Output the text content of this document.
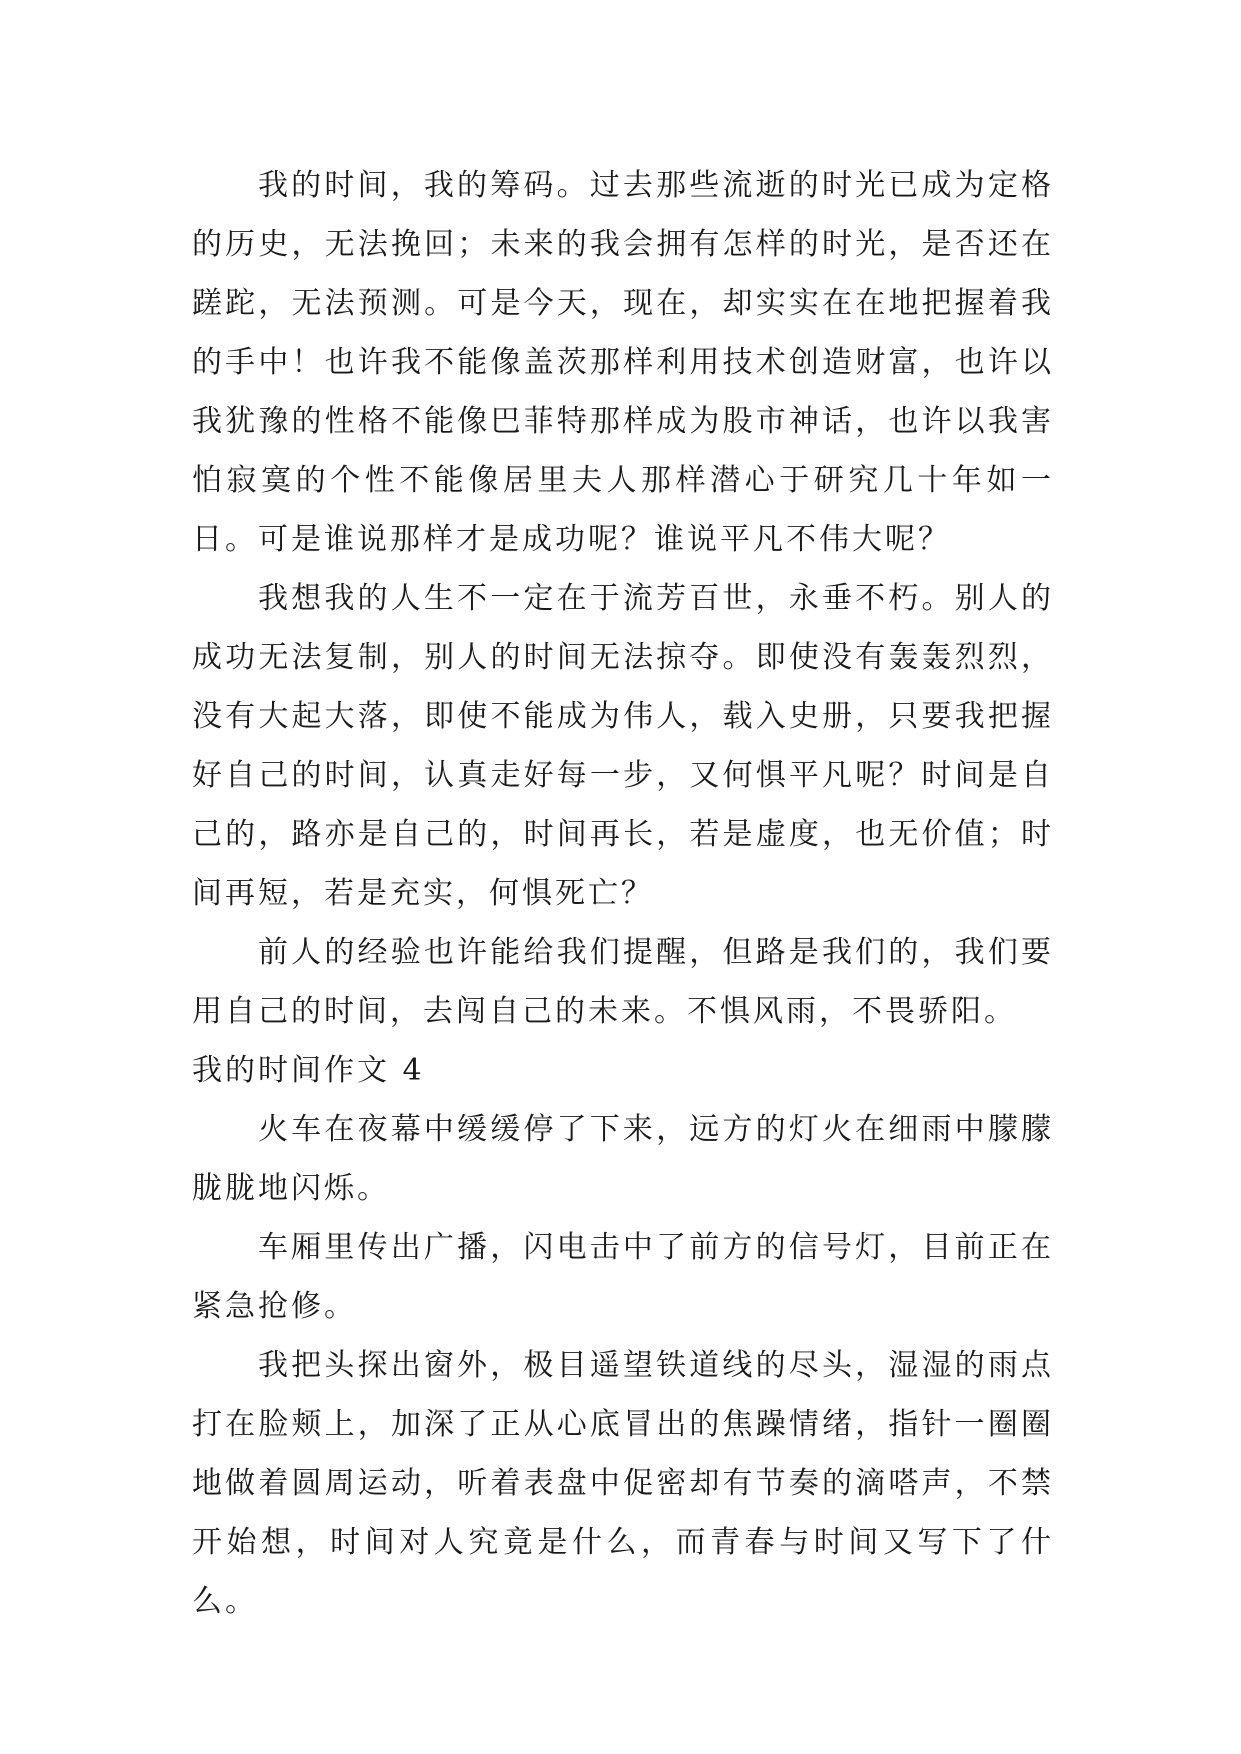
我的时间，我的筹码。过去那些流逝的时光已成为定格的历史，无法挽回；未来的我会拥有怎样的时光，是否还在蹉跎，无法预测。可是今天，现在，却实实在在地把握着我的手中！也许我不能像盖茨那样利用技术创造财富，也许以我犹豫的性格不能像巴菲特那样成为股市神话，也许以我害怕寂寞的个性不能像居里夫人那样潜心于研究几十年如一日。可是谁说那样才是成功呢？谁说平凡不伟大呢？

我想我的人生不一定在于流芳百世，永垂不朽。别人的成功无法复制，别人的时间无法掠夺。即使没有轰轰烈烈，没有大起大落，即使不能成为伟人，载入史册，只要我把握好自己的时间，认真走好每一步，又何惧平凡呢？时间是自己的，路亦是自己的，时间再长，若是虚度，也无价值；时间再短，若是充实，何惧死亡？

前人的经验也许能给我们提醒，但路是我们的，我们要用自己的时间，去闯自己的未来。不惧风雨，不畏骄阳。

我的时间作文 4

火车在夜幕中缓缓停了下来，远方的灯火在细雨中朦朦胧胧地闪烁。

车厢里传出广播，闪电击中了前方的信号灯，目前正在紧急抢修。

我把头探出窗外，极目遥望铁道线的尽头，湿湿的雨点打在脸颊上，加深了正从心底冒出的焦躁情绪，指针一圈圈地做着圆周运动，听着表盘中促密却有节奏的滴嗒声，不禁开始想，时间对人究竟是什么，而青春与时间又写下了什么。
